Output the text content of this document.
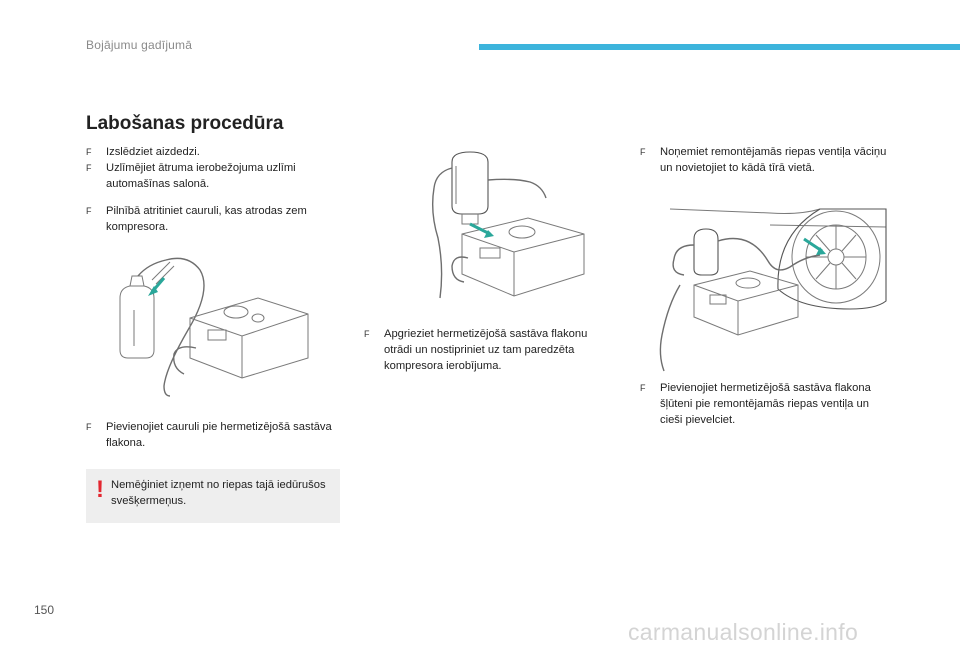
Bojājumu gadījumā
Labošanas procedūra
F	Izslēdziet aizdedzi.
F	Uzlīmējiet ātruma ierobežojuma uzlīmi automašīnas salonā.
F	Pilnībā atritiniet cauruli, kas atrodas zem kompresora.
F	Pievienojiet cauruli pie hermetizējošā sastāva flakona.
! Nemēģiniet izņemt no riepas tajā iedūrušos svešķermeņus.
F	Apgrieziet hermetizējošā sastāva flakonu otrādi un nostipriniet uz tam paredzēta kompresora ierobījuma.
F	Noņemiet remontējamās riepas ventiļa vāciņu un novietojiet to kādā tīrā vietā.
F	Pievienojiet hermetizējošā sastāva flakona šļūteni pie remontējamās riepas ventiļa un cieši pievelciet.
150
carmanualsonline.info
